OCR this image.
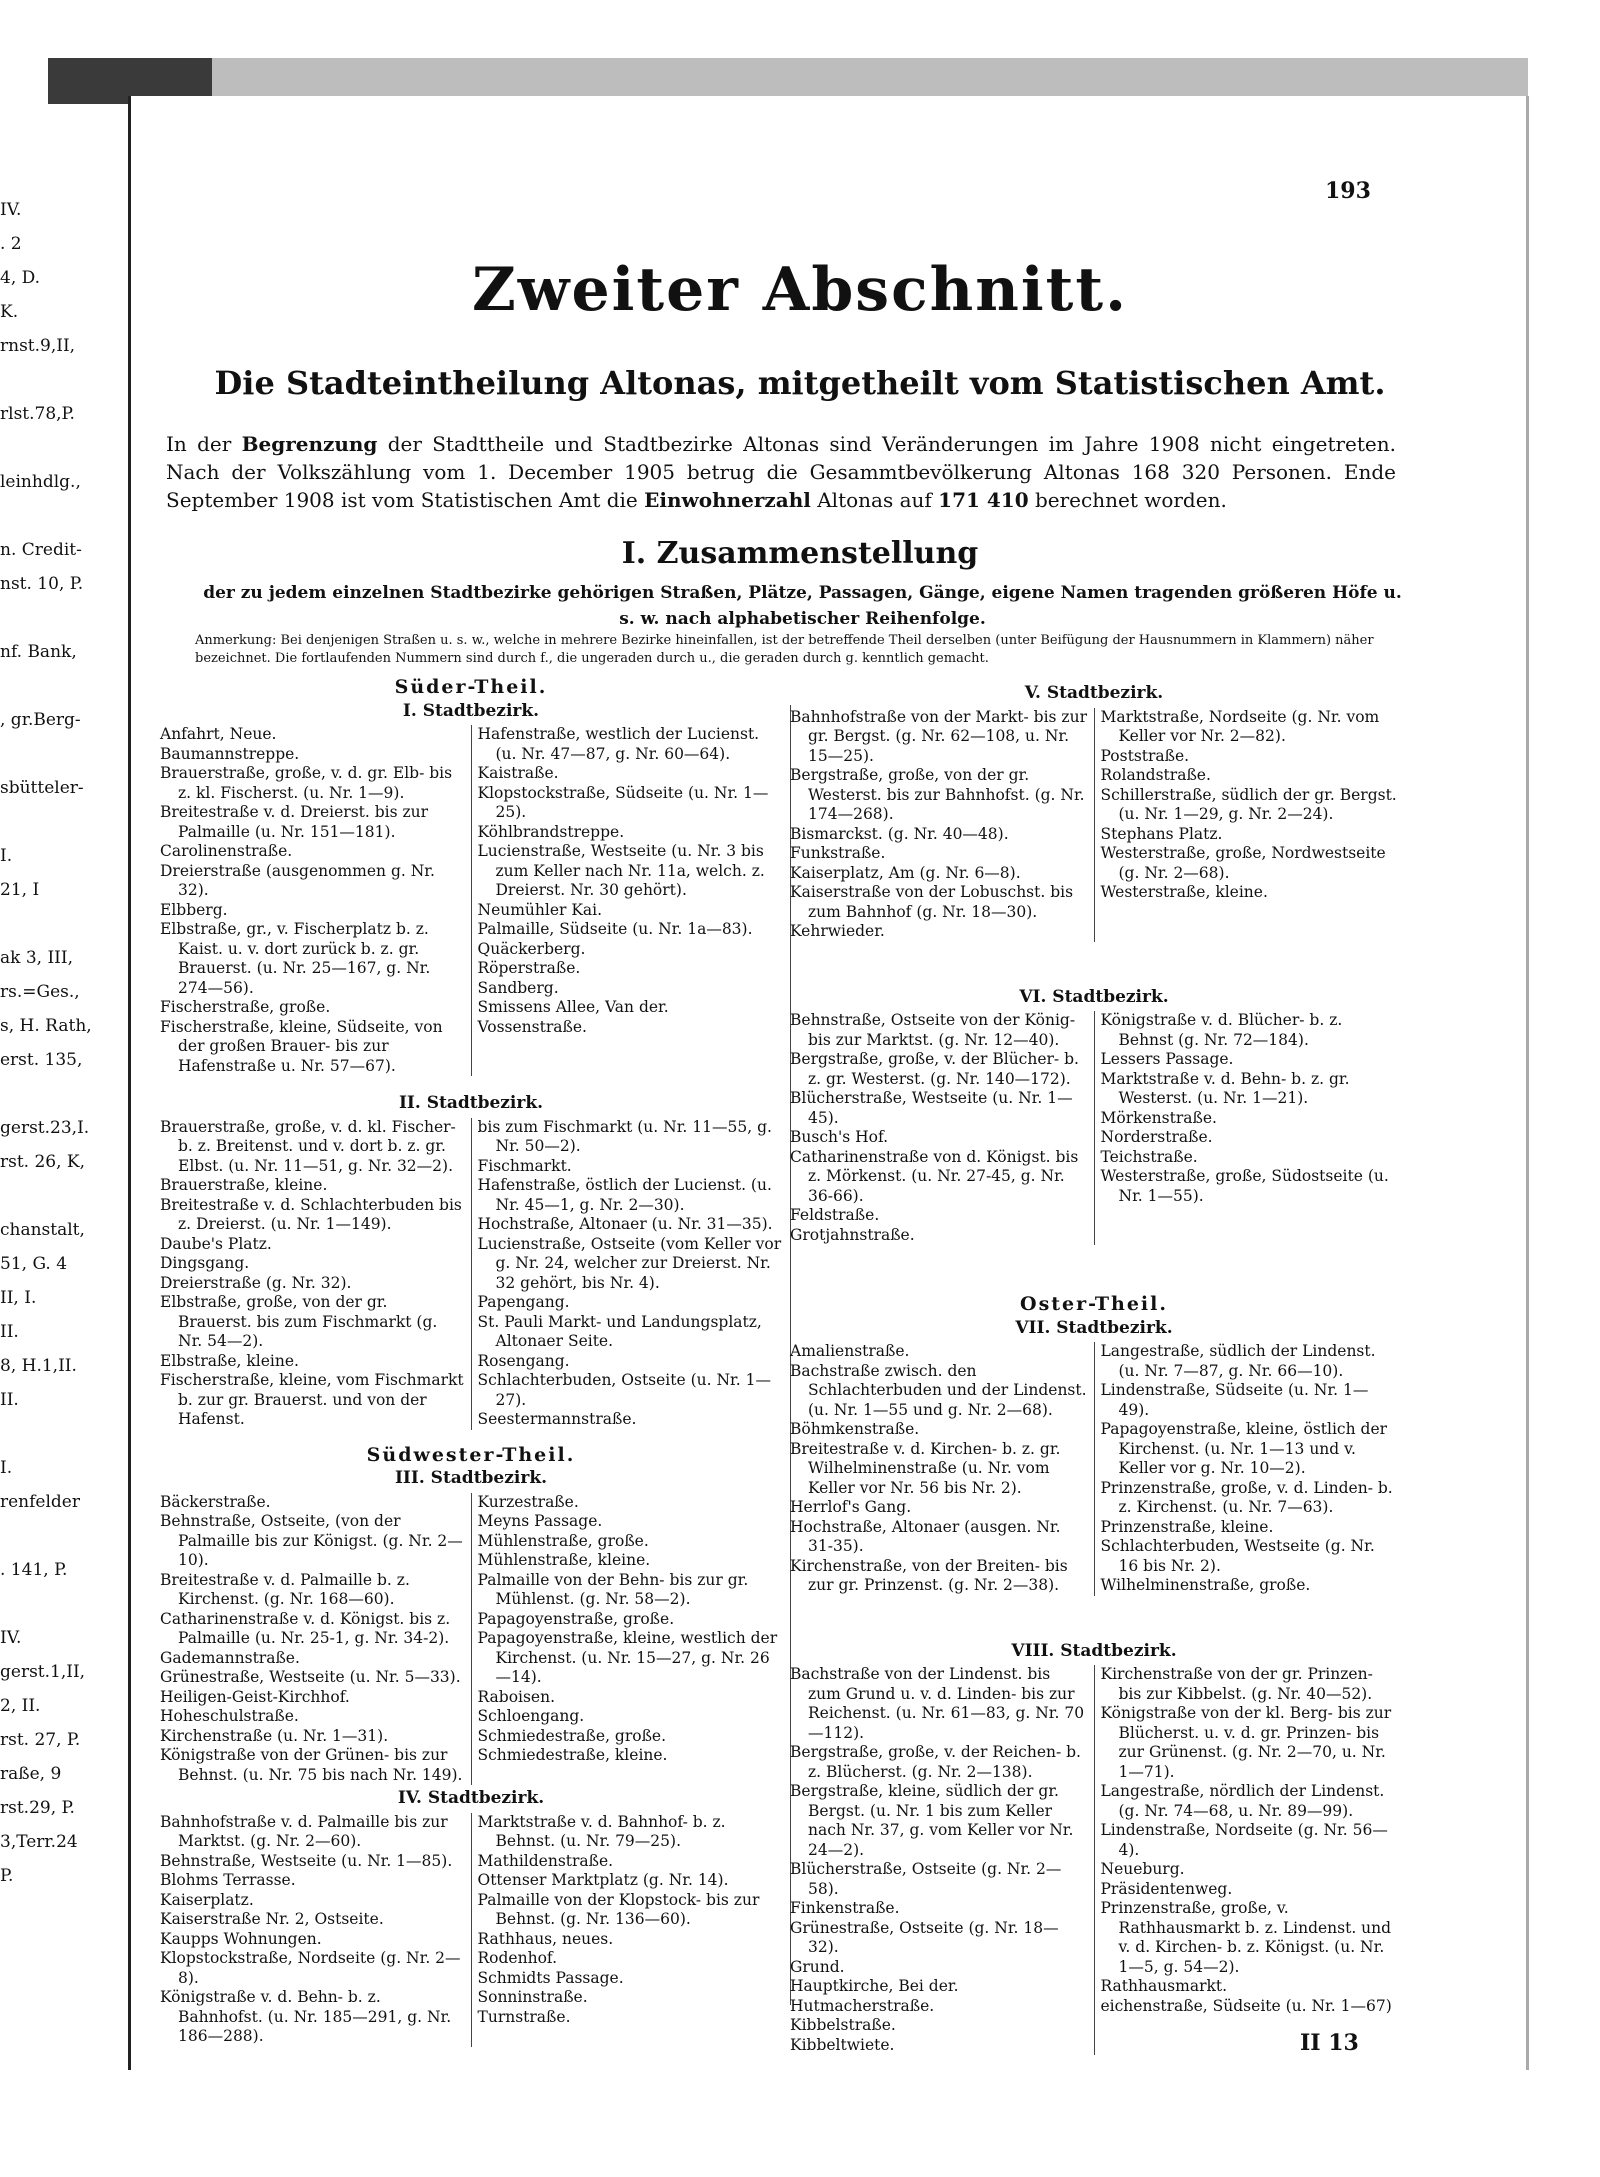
IV.
. 2
4, D.
K.
rnst.9,II,
rlst.78,P.
leinhdlg.,
n. Credit-
nst. 10, P.
nf. Bank,
, gr.Berg-
sbütteler-
I.
21, I
ak 3, III,
rs.=Ges.,
s, H. Rath,
erst. 135,
gerst.23,I.
rst. 26, K,
chanstalt,
51, G. 4
II, I.
II.
8, H.1,II.
II.
I.
renfelder
. 141, P.
IV.
gerst.1,II,
2, II.
rst. 27, P.
raße, 9
rst.29, P.
3,Terr.24
P.
193
Zweiter Abschnitt.
Die Stadteintheilung Altonas, mitgetheilt vom Statistischen Amt.
In der Begrenzung der Stadttheile und Stadtbezirke Altonas sind Veränderungen im Jahre 1908 nicht eingetreten. Nach der Volkszählung vom 1. December 1905 betrug die Gesammtbevölkerung Altonas 168 320 Personen. Ende September 1908 ist vom Statistischen Amt die Einwohnerzahl Altonas auf 171 410 berechnet worden.
I. Zusammenstellung
der zu jedem einzelnen Stadtbezirke gehörigen Straßen, Plätze, Passagen, Gänge, eigene Namen tragenden größeren Höfe u. s. w. nach alphabetischer Reihenfolge.
Anmerkung: Bei denjenigen Straßen u. s. w., welche in mehrere Bezirke hineinfallen, ist der betreffende Theil derselben (unter Beifügung der Hausnummern in Klammern) näher bezeichnet. Die fortlaufenden Nummern sind durch f., die ungeraden durch u., die geraden durch g. kenntlich gemacht.
Süder-Theil.
I. Stadtbezirk.
Anfahrt, Neue.
Baumannstreppe.
Brauerstraße, große, v. d. gr. Elb- bis z. kl. Fischerst. (u. Nr. 1—9).
Breitestraße v. d. Dreierst. bis zur Palmaille (u. Nr. 151—181).
Carolinenstraße.
Dreierstraße (ausgenommen g. Nr. 32).
Elbberg.
Elbstraße, gr., v. Fischerplatz b. z. Kaist. u. v. dort zurück b. z. gr. Brauerst. (u. Nr. 25—167, g. Nr. 274—56).
Fischerstraße, große.
Fischerstraße, kleine, Südseite, von der großen Brauer- bis zur Hafenstraße u. Nr. 57—67).
Hafenstraße, westlich der Lucienst. (u. Nr. 47—87, g. Nr. 60—64).
Kaistraße.
Klopstockstraße, Südseite (u. Nr. 1—25).
Köhlbrandstreppe.
Lucienstraße, Westseite (u. Nr. 3 bis zum Keller nach Nr. 11a, welch. z. Dreierst. Nr. 30 gehört).
Neumühler Kai.
Palmaille, Südseite (u. Nr. 1a—83).
Quäckerberg.
Röperstraße.
Sandberg.
Smissens Allee, Van der.
Vossenstraße.
II. Stadtbezirk.
Brauerstraße, große, v. d. kl. Fischer- b. z. Breitenst. und v. dort b. z. gr. Elbst. (u. Nr. 11—51, g. Nr. 32—2).
Brauerstraße, kleine.
Breitestraße v. d. Schlachterbuden bis z. Dreierst. (u. Nr. 1—149).
Daube's Platz.
Dingsgang.
Dreierstraße (g. Nr. 32).
Elbstraße, große, von der gr. Brauerst. bis zum Fischmarkt (g. Nr. 54—2).
Elbstraße, kleine.
Fischerstraße, kleine, vom Fischmarkt b. zur gr. Brauerst. und von der Hafenst.
bis zum Fischmarkt (u. Nr. 11—55, g. Nr. 50—2).
Fischmarkt.
Hafenstraße, östlich der Lucienst. (u. Nr. 45—1, g. Nr. 2—30).
Hochstraße, Altonaer (u. Nr. 31—35).
Lucienstraße, Ostseite (vom Keller vor g. Nr. 24, welcher zur Dreierst. Nr. 32 gehört, bis Nr. 4).
Papengang.
St. Pauli Markt- und Landungsplatz, Altonaer Seite.
Rosengang.
Schlachterbuden, Ostseite (u. Nr. 1—27).
Seestermannstraße.
Südwester-Theil.
III. Stadtbezirk.
Bäckerstraße.
Behnstraße, Ostseite, (von der Palmaille bis zur Königst. (g. Nr. 2—10).
Breitestraße v. d. Palmaille b. z. Kirchenst. (g. Nr. 168—60).
Catharinenstraße v. d. Königst. bis z. Palmaille (u. Nr. 25-1, g. Nr. 34-2).
Gademannstraße.
Grünestraße, Westseite (u. Nr. 5—33).
Heiligen-Geist-Kirchhof.
Hoheschulstraße.
Kirchenstraße (u. Nr. 1—31).
Königstraße von der Grünen- bis zur Behnst. (u. Nr. 75 bis nach Nr. 149).
Kurzestraße.
Meyns Passage.
Mühlenstraße, große.
Mühlenstraße, kleine.
Palmaille von der Behn- bis zur gr. Mühlenst. (g. Nr. 58—2).
Papagoyenstraße, große.
Papagoyenstraße, kleine, westlich der Kirchenst. (u. Nr. 15—27, g. Nr. 26—14).
Raboisen.
Schloengang.
Schmiedestraße, große.
Schmiedestraße, kleine.
IV. Stadtbezirk.
Bahnhofstraße v. d. Palmaille bis zur Marktst. (g. Nr. 2—60).
Behnstraße, Westseite (u. Nr. 1—85).
Blohms Terrasse.
Kaiserplatz.
Kaiserstraße Nr. 2, Ostseite.
Kaupps Wohnungen.
Klopstockstraße, Nordseite (g. Nr. 2—8).
Königstraße v. d. Behn- b. z. Bahnhofst. (u. Nr. 185—291, g. Nr. 186—288).
Marktstraße v. d. Bahnhof- b. z. Behnst. (u. Nr. 79—25).
Mathildenstraße.
Ottenser Marktplatz (g. Nr. 14).
Palmaille von der Klopstock- bis zur Behnst. (g. Nr. 136—60).
Rathhaus, neues.
Rodenhof.
Schmidts Passage.
Sonninstraße.
Turnstraße.
V. Stadtbezirk.
Bahnhofstraße von der Markt- bis zur gr. Bergst. (g. Nr. 62—108, u. Nr. 15—25).
Bergstraße, große, von der gr. Westerst. bis zur Bahnhofst. (g. Nr. 174—268).
Bismarckst. (g. Nr. 40—48).
Funkstraße.
Kaiserplatz, Am (g. Nr. 6—8).
Kaiserstraße von der Lobuschst. bis zum Bahnhof (g. Nr. 18—30).
Kehrwieder.
Marktstraße, Nordseite (g. Nr. vom Keller vor Nr. 2—82).
Poststraße.
Rolandstraße.
Schillerstraße, südlich der gr. Bergst. (u. Nr. 1—29, g. Nr. 2—24).
Stephans Platz.
Westerstraße, große, Nordwestseite (g. Nr. 2—68).
Westerstraße, kleine.
VI. Stadtbezirk.
Behnstraße, Ostseite von der König- bis zur Marktst. (g. Nr. 12—40).
Bergstraße, große, v. der Blücher- b. z. gr. Westerst. (g. Nr. 140—172).
Blücherstraße, Westseite (u. Nr. 1—45).
Busch's Hof.
Catharinenstraße von d. Königst. bis z. Mörkenst. (u. Nr. 27-45, g. Nr. 36-66).
Feldstraße.
Grotjahnstraße.
Königstraße v. d. Blücher- b. z. Behnst (g. Nr. 72—184).
Lessers Passage.
Marktstraße v. d. Behn- b. z. gr. Westerst. (u. Nr. 1—21).
Mörkenstraße.
Norderstraße.
Teichstraße.
Westerstraße, große, Südostseite (u. Nr. 1—55).
Oster-Theil.
VII. Stadtbezirk.
Amalienstraße.
Bachstraße zwisch. den Schlachterbuden und der Lindenst. (u. Nr. 1—55 und g. Nr. 2—68).
Böhmkenstraße.
Breitestraße v. d. Kirchen- b. z. gr. Wilhelminenstraße (u. Nr. vom Keller vor Nr. 56 bis Nr. 2).
Herrlof's Gang.
Hochstraße, Altonaer (ausgen. Nr. 31-35).
Kirchenstraße, von der Breiten- bis zur gr. Prinzenst. (g. Nr. 2—38).
Langestraße, südlich der Lindenst. (u. Nr. 7—87, g. Nr. 66—10).
Lindenstraße, Südseite (u. Nr. 1—49).
Papagoyenstraße, kleine, östlich der Kirchenst. (u. Nr. 1—13 und v. Keller vor g. Nr. 10—2).
Prinzenstraße, große, v. d. Linden- b. z. Kirchenst. (u. Nr. 7—63).
Prinzenstraße, kleine.
Schlachterbuden, Westseite (g. Nr. 16 bis Nr. 2).
Wilhelminenstraße, große.
VIII. Stadtbezirk.
Bachstraße von der Lindenst. bis zum Grund u. v. d. Linden- bis zur Reichenst. (u. Nr. 61—83, g. Nr. 70—112).
Bergstraße, große, v. der Reichen- b. z. Blücherst. (g. Nr. 2—138).
Bergstraße, kleine, südlich der gr. Bergst. (u. Nr. 1 bis zum Keller nach Nr. 37, g. vom Keller vor Nr. 24—2).
Blücherstraße, Ostseite (g. Nr. 2—58).
Finkenstraße.
Grünestraße, Ostseite (g. Nr. 18—32).
Grund.
Hauptkirche, Bei der.
Hutmacherstraße.
Kibbelstraße.
Kibbeltwiete.
Kirchenstraße von der gr. Prinzen- bis zur Kibbelst. (g. Nr. 40—52).
Königstraße von der kl. Berg- bis zur Blücherst. u. v. d. gr. Prinzen- bis zur Grünenst. (g. Nr. 2—70, u. Nr. 1—71).
Langestraße, nördlich der Lindenst. (g. Nr. 74—68, u. Nr. 89—99).
Lindenstraße, Nordseite (g. Nr. 56—4).
Neueburg.
Präsidentenweg.
Prinzenstraße, große, v. Rathhausmarkt b. z. Lindenst. und v. d. Kirchen- b. z. Königst. (u. Nr. 1—5, g. 54—2).
Rathhausmarkt.
eichenstraße, Südseite (u. Nr. 1—67)
II 13
